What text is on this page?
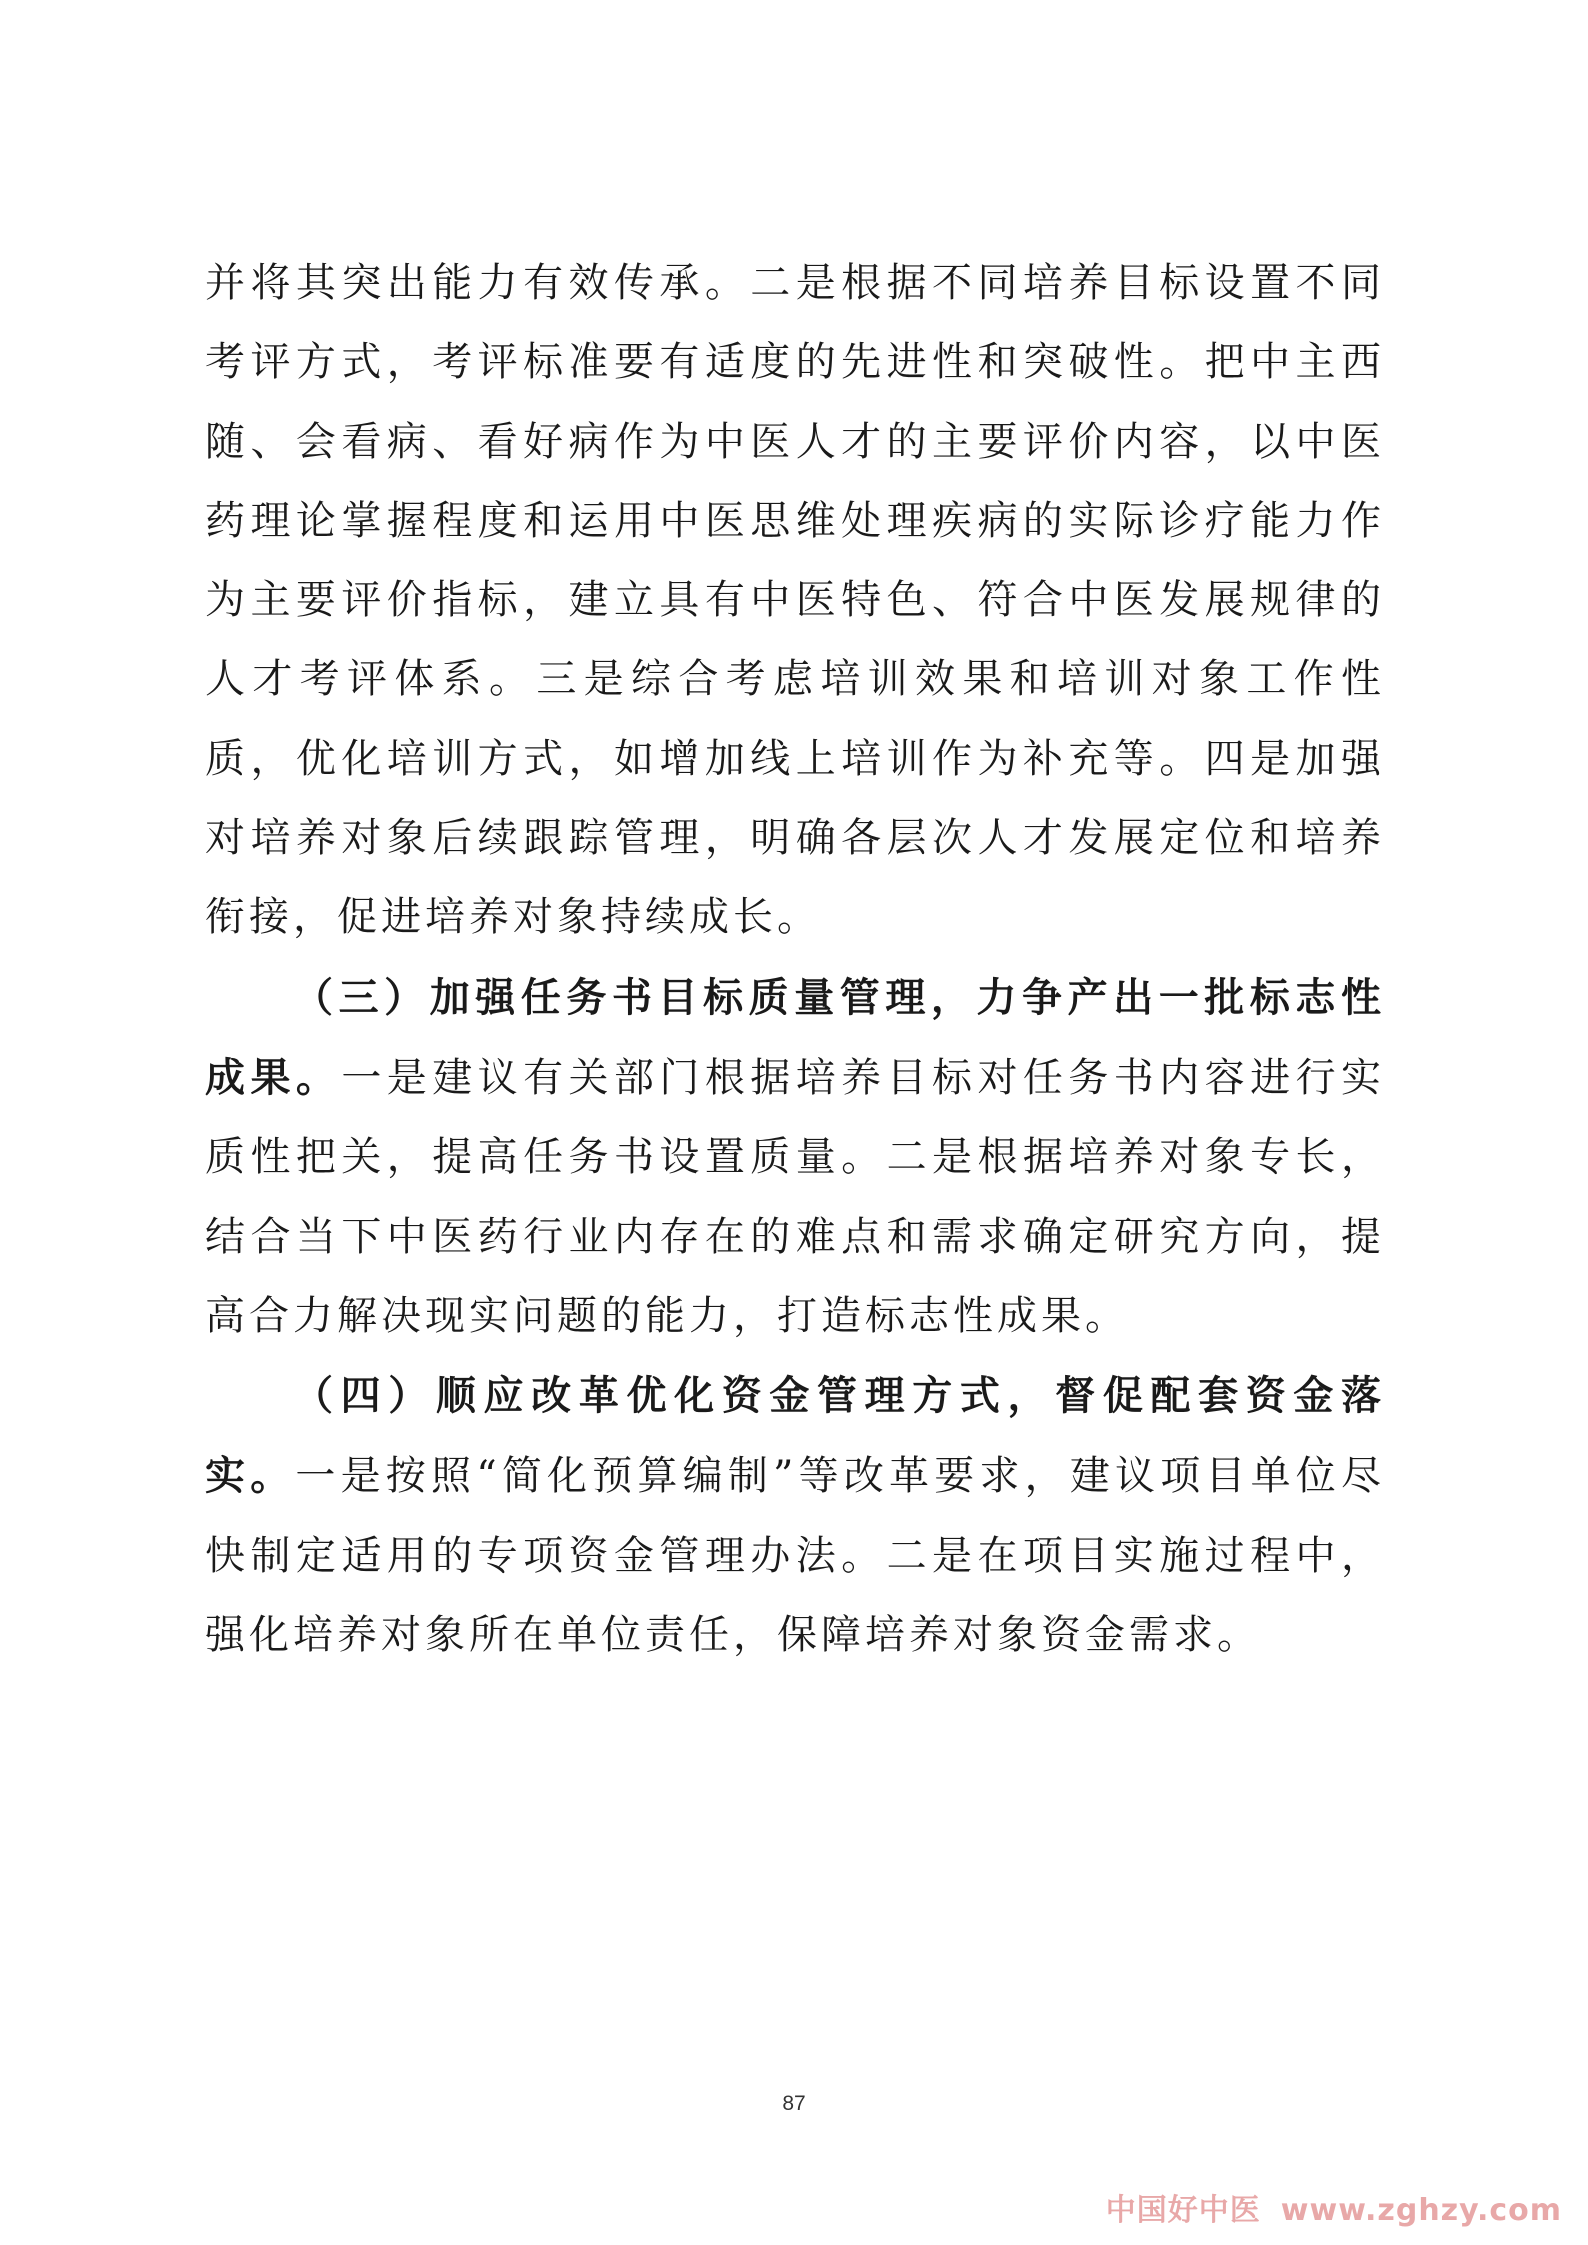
并将其突出能力有效传承。二是根据不同培养目标设置不同考评方式，考评标准要有适度的先进性和突破性。把中主西随、会看病、看好病作为中医人才的主要评价内容，以中医药理论掌握程度和运用中医思维处理疾病的实际诊疗能力作为主要评价指标，建立具有中医特色、符合中医发展规律的人才考评体系。三是综合考虑培训效果和培训对象工作性质，优化培训方式，如增加线上培训作为补充等。四是加强对培养对象后续跟踪管理，明确各层次人才发展定位和培养衔接，促进培养对象持续成长。

（三）加强任务书目标质量管理，力争产出一批标志性成果。一是建议有关部门根据培养目标对任务书内容进行实质性把关，提高任务书设置质量。二是根据培养对象专长，结合当下中医药行业内存在的难点和需求确定研究方向，提高合力解决现实问题的能力，打造标志性成果。

（四）顺应改革优化资金管理方式，督促配套资金落实。一是按照“简化预算编制”等改革要求，建议项目单位尽快制定适用的专项资金管理办法。二是在项目实施过程中，强化培养对象所在单位责任，保障培养对象资金需求。

87
中国好中医 www.zghzy.com
